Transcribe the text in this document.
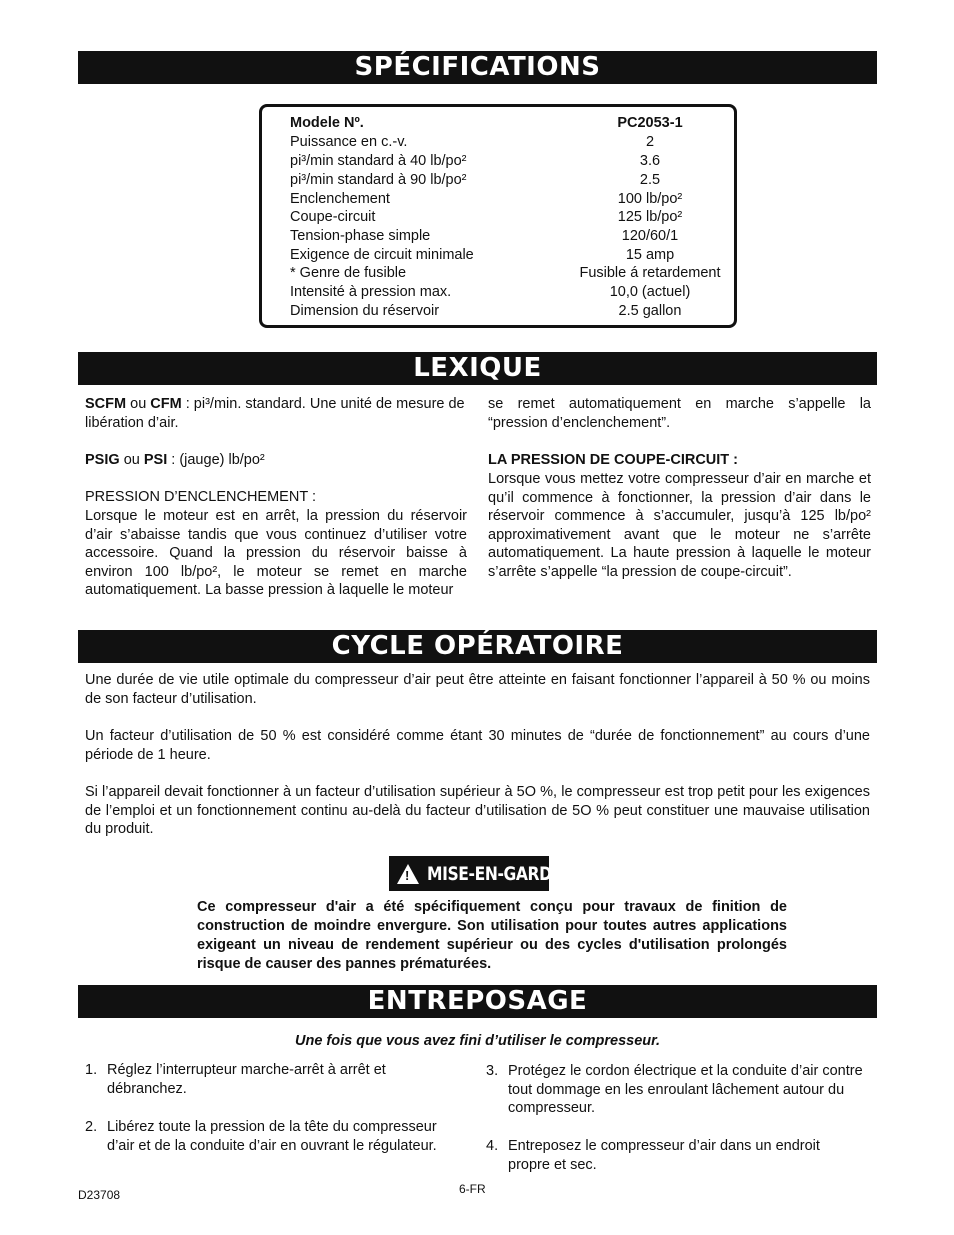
SPÉCIFICATIONS
Modele Nº.	PC2053-1
Puissance en c.-v.	2
pi³/min standard à 40 lb/po²	3.6
pi³/min standard à 90 lb/po²	2.5
Enclenchement	100 lb/po²
Coupe-circuit	125 lb/po²
Tension-phase simple	120/60/1
Exigence de circuit minimale	15 amp
* Genre de fusible	Fusible á retardement
Intensité à pression max.	10,0 (actuel)
Dimension du réservoir	2.5 gallon
LEXIQUE
SCFM ou CFM : pi³/min. standard. Une unité de mesure de libération d’air.
PSIG ou PSI : (jauge) lb/po²
PRESSION D’ENCLENCHEMENT :
Lorsque le moteur est en arrêt, la pression du réservoir d’air s’abaisse tandis que vous continuez d’utiliser votre accessoire. Quand la pression du réservoir baisse à environ 100 lb/po², le moteur se remet en marche automatiquement. La basse pression à laquelle le moteur
se remet automatiquement en marche s’appelle la “pression d’enclenchement”.
LA PRESSION DE COUPE-CIRCUIT :
Lorsque vous mettez votre compresseur d’air en marche et qu’il commence à fonctionner, la pression d’air dans le réservoir commence à s’accumuler, jusqu’à 125 lb/po² approximativement avant que le moteur ne s’arrête automatiquement. La haute pression à laquelle le moteur s’arrête s’appelle “la pression de coupe-circuit”.
CYCLE OPÉRATOIRE
Une durée de vie utile optimale du compresseur d’air peut être atteinte en faisant fonctionner l’appareil à 50 % ou moins de son facteur d’utilisation.
Un facteur d’utilisation de 50 % est considéré comme étant 30 minutes de “durée de fonctionnement” au cours d’une période de 1 heure.
Si l’appareil devait fonctionner à un facteur d’utilisation supérieur à 5O %, le compresseur est trop petit pour les exigences de l’emploi et un fonctionnement continu au-delà du facteur d’utilisation de 5O % peut constituer une mauvaise utilisation du produit.
! MISE-EN-GARDE
Ce compresseur d'air a été spécifiquement conçu pour travaux de finition de construction de moindre envergure. Son utilisation pour toutes autres applications exigeant un niveau de rendement supérieur ou des cycles d'utilisation prolongés risque de causer des pannes prématurées.
ENTREPOSAGE
Une fois que vous avez fini d’utiliser le compresseur.
1. Réglez l’interrupteur marche-arrêt à arrêt et débranchez.
2. Libérez toute la pression de la tête du compresseur d’air et de la conduite d’air en ouvrant le régulateur.
3. Protégez le cordon électrique et la conduite d’air contre tout dommage en les enroulant lâchement autour du compresseur.
4. Entreposez le compresseur d’air dans un endroit propre et sec.
6-FR
D23708
